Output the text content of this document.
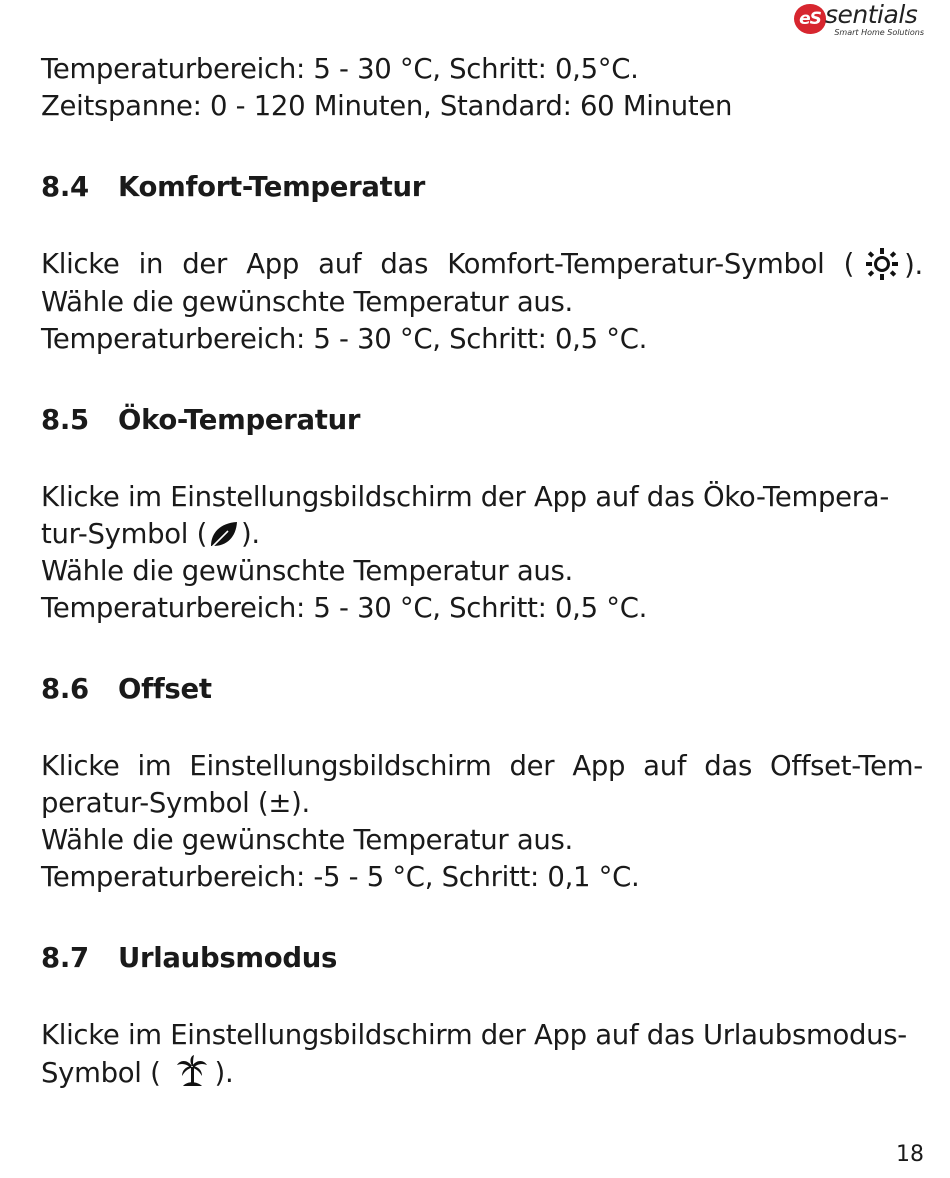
eS sentials
Smart Home Solutions

Temperaturbereich: 5 - 30 °C, Schritt: 0,5°C.

Zeitspanne: 0 - 120 Minuten, Standard: 60 Minuten

8.4 Komfort-Temperatur

Klicke in der App auf das Komfort-Temperatur-Symbol (	).

Wähle die gewünschte Temperatur aus.

Temperaturbereich: 5 - 30 °C, Schritt: 0,5 °C.

8.5 Öko-Temperatur

Klicke im Einstellungsbildschirm der App auf das Öko-Tempera-

tur-Symbol ( ).

Wähle die gewünschte Temperatur aus.

Temperaturbereich: 5 - 30 °C, Schritt: 0,5 °C.

8.6 Offset

Klicke im Einstellungsbildschirm der App auf das Offset-Tem-

peratur-Symbol (±).

Wähle die gewünschte Temperatur aus.

Temperaturbereich: -5 - 5 °C, Schritt: 0,1 °C.

8.7 Urlaubsmodus

Klicke im Einstellungsbildschirm der App auf das Urlaubsmodus-

Symbol ( ).

18
